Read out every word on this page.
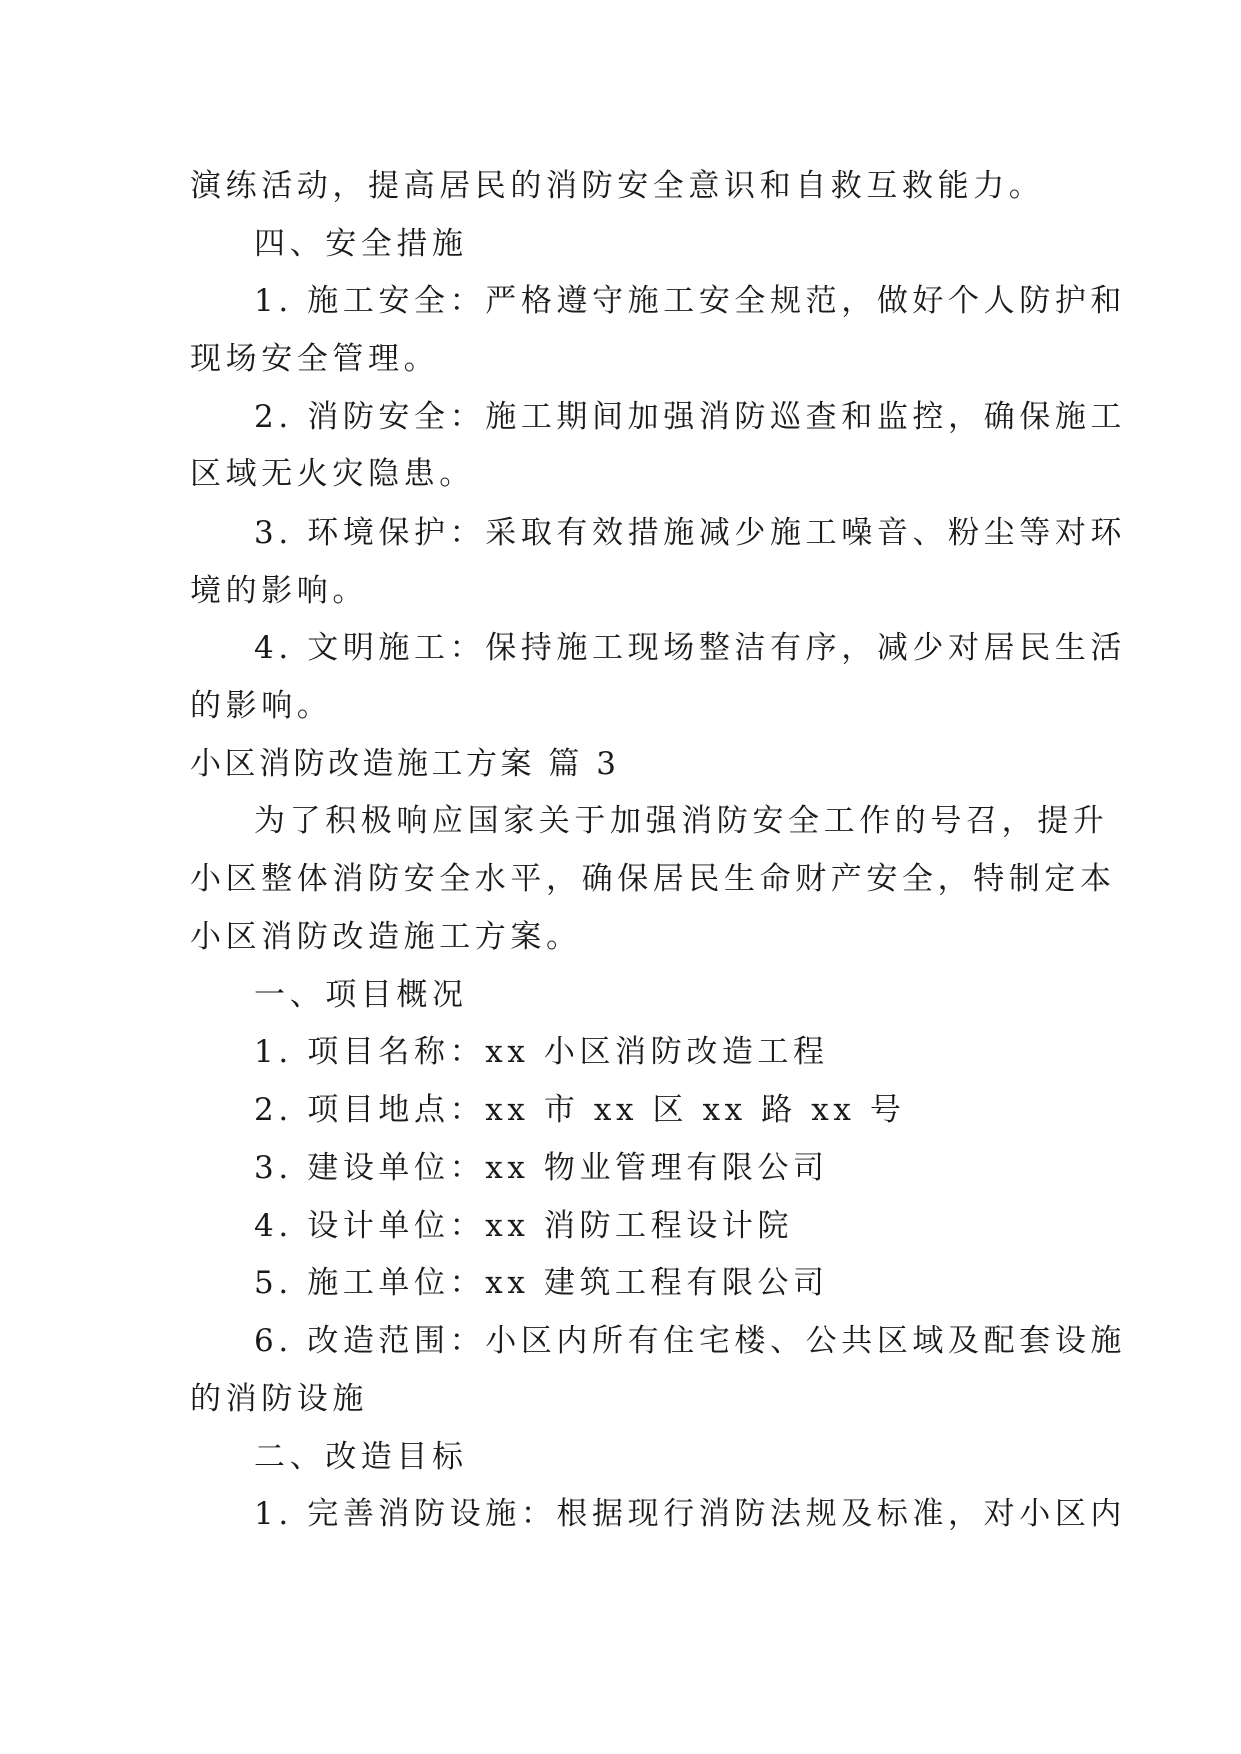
演练活动，提高居民的消防安全意识和自救互救能力。
四、安全措施
1. 施工安全：严格遵守施工安全规范，做好个人防护和
现场安全管理。
2. 消防安全：施工期间加强消防巡查和监控，确保施工
区域无火灾隐患。
3. 环境保护：采取有效措施减少施工噪音、粉尘等对环
境的影响。
4. 文明施工：保持施工现场整洁有序，减少对居民生活
的影响。
小区消防改造施工方案 篇 3
为了积极响应国家关于加强消防安全工作的号召，提升
小区整体消防安全水平，确保居民生命财产安全，特制定本
小区消防改造施工方案。
一、项目概况
1. 项目名称：xx 小区消防改造工程
2. 项目地点：xx 市 xx 区 xx 路 xx 号
3. 建设单位：xx 物业管理有限公司
4. 设计单位：xx 消防工程设计院
5. 施工单位：xx 建筑工程有限公司
6. 改造范围：小区内所有住宅楼、公共区域及配套设施
的消防设施
二、改造目标
1. 完善消防设施：根据现行消防法规及标准，对小区内
